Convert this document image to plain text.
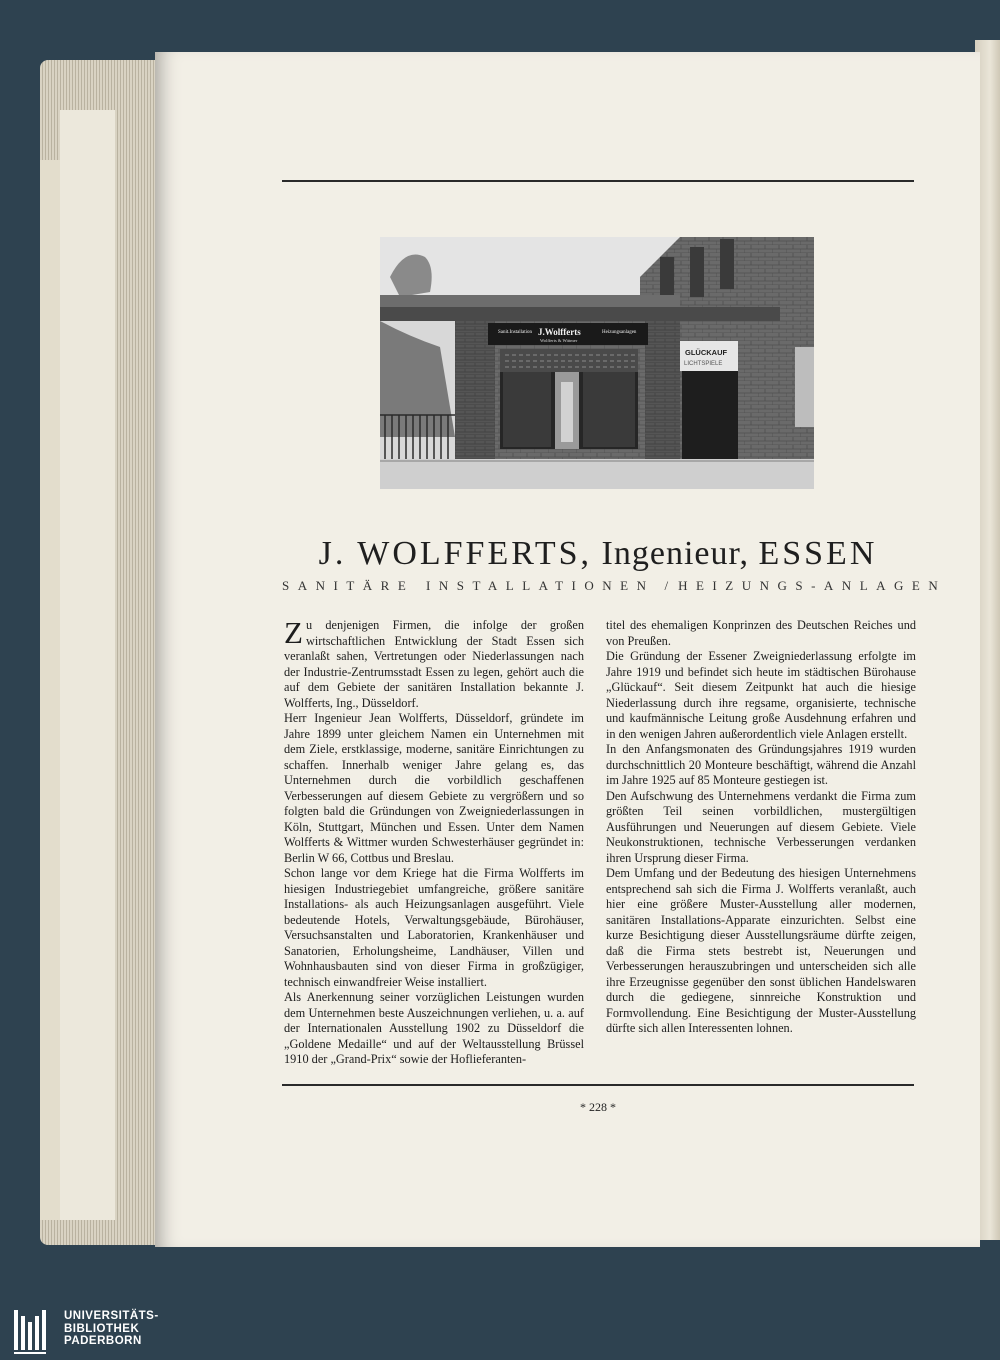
Sanit.Installation J.Wolfferts
Wolfferts & Wittmer
Heizungsanlagen
GLÜCKAUF
LICHTSPIELE
J. WOLFFERTS, Ingenieur, ESSEN
SANITÄRE INSTALLATIONEN / HEIZUNGS-ANLAGEN

Zu denjenigen Firmen, die infolge der großen wirtschaftlichen Entwicklung der Stadt Essen sich veranlaßt sahen, Vertretungen oder Niederlassungen nach der Industrie-Zentrumsstadt Essen zu legen, gehört auch die auf dem Gebiete der sanitären Installation bekannte J. Wolfferts, Ing., Düsseldorf.

Herr Ingenieur Jean Wolfferts, Düsseldorf, gründete im Jahre 1899 unter gleichem Namen ein Unternehmen mit dem Ziele, erstklassige, moderne, sanitäre Einrichtungen zu schaffen. Innerhalb weniger Jahre gelang es, das Unternehmen durch die vorbildlich geschaffenen Verbesserungen auf diesem Gebiete zu vergrößern und so folgten bald die Gründungen von Zweigniederlassungen in Köln, Stuttgart, München und Essen. Unter dem Namen Wolfferts & Wittmer wurden Schwesterhäuser gegründet in: Berlin W 66, Cottbus und Breslau.

Schon lange vor dem Kriege hat die Firma Wolfferts im hiesigen Industriegebiet umfangreiche, größere sanitäre Installations- als auch Heizungsanlagen ausgeführt. Viele bedeutende Hotels, Verwaltungsgebäude, Bürohäuser, Versuchsanstalten und Laboratorien, Krankenhäuser und Sanatorien, Erholungsheime, Landhäuser, Villen und Wohnhausbauten sind von dieser Firma in großzügiger, technisch einwandfreier Weise installiert.

Als Anerkennung seiner vorzüglichen Leistungen wurden dem Unternehmen beste Auszeichnungen verliehen, u. a. auf der Internationalen Ausstellung 1902 zu Düsseldorf die „Goldene Medaille“ und auf der Weltausstellung Brüssel 1910 der „Grand-Prix“ sowie der Hoflieferanten-

titel des ehemaligen Konprinzen des Deutschen Reiches und von Preußen.

Die Gründung der Essener Zweigniederlassung erfolgte im Jahre 1919 und befindet sich heute im städtischen Bürohause „Glückauf“. Seit diesem Zeitpunkt hat auch die hiesige Niederlassung durch ihre regsame, organisierte, technische und kaufmännische Leitung große Ausdehnung erfahren und in den wenigen Jahren außerordentlich viele Anlagen erstellt.

In den Anfangsmonaten des Gründungsjahres 1919 wurden durchschnittlich 20 Monteure beschäftigt, während die Anzahl im Jahre 1925 auf 85 Monteure gestiegen ist.

Den Aufschwung des Unternehmens verdankt die Firma zum größten Teil seinen vorbildlichen, mustergültigen Ausführungen und Neuerungen auf diesem Gebiete. Viele Neukonstruktionen, technische Verbesserungen verdanken ihren Ursprung dieser Firma.

Dem Umfang und der Bedeutung des hiesigen Unternehmens entsprechend sah sich die Firma J. Wolfferts veranlaßt, auch hier eine größere Muster-Ausstellung aller modernen, sanitären Installations-Apparate einzurichten. Selbst eine kurze Besichtigung dieser Ausstellungsräume dürfte zeigen, daß die Firma stets bestrebt ist, Neuerungen und Verbesserungen herauszubringen und unterscheiden sich alle ihre Erzeugnisse gegenüber den sonst üblichen Handelswaren durch die gediegene, sinnreiche Konstruktion und Formvollendung. Eine Besichtigung der Muster-Ausstellung dürfte sich allen Interessenten lohnen.

* 228 *
UNIVERSITÄTS-
BIBLIOTHEK
PADERBORN
